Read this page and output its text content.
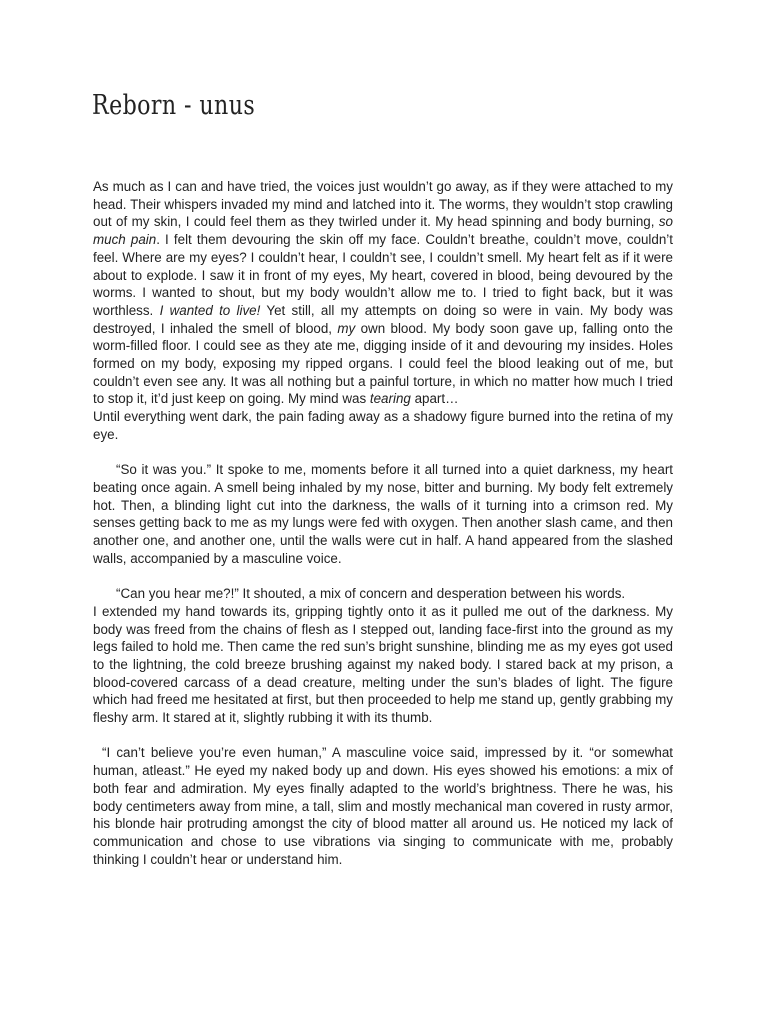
Reborn - unus

As much as I can and have tried, the voices just wouldn’t go away, as if they were attached to my head. Their whispers invaded my mind and latched into it. The worms, they wouldn’t stop crawling out of my skin, I could feel them as they twirled under it. My head spinning and body burning, so much pain. I felt them devouring the skin off my face. Couldn’t breathe, couldn’t move, couldn’t feel. Where are my eyes? I couldn’t hear, I couldn’t see, I couldn’t smell. My heart felt as if it were about to explode. I saw it in front of my eyes, My heart, covered in blood, being devoured by the worms. I wanted to shout, but my body wouldn’t allow me to. I tried to fight back, but it was worthless. I wanted to live! Yet still, all my attempts on doing so were in vain. My body was destroyed, I inhaled the smell of blood, my own blood. My body soon gave up, falling onto the worm-filled floor. I could see as they ate me, digging inside of it and devouring my insides. Holes formed on my body, exposing my ripped organs. I could feel the blood leaking out of me, but couldn’t even see any. It was all nothing but a painful torture, in which no matter how much I tried to stop it, it’d just keep on going. My mind was tearing apart…

Until everything went dark, the pain fading away as a shadowy figure burned into the retina of my eye.

“So it was you.” It spoke to me, moments before it all turned into a quiet darkness, my heart beating once again. A smell being inhaled by my nose, bitter and burning. My body felt extremely hot. Then, a blinding light cut into the darkness, the walls of it turning into a crimson red. My senses getting back to me as my lungs were fed with oxygen. Then another slash came, and then another one, and another one, until the walls were cut in half. A hand appeared from the slashed walls, accompanied by a masculine voice.

“Can you hear me?!” It shouted, a mix of concern and desperation between his words.

I extended my hand towards its, gripping tightly onto it as it pulled me out of the darkness. My body was freed from the chains of flesh as I stepped out, landing face-first into the ground as my legs failed to hold me. Then came the red sun’s bright sunshine, blinding me as my eyes got used to the lightning, the cold breeze brushing against my naked body. I stared back at my prison, a blood-covered carcass of a dead creature, melting under the sun’s blades of light. The figure which had freed me hesitated at first, but then proceeded to help me stand up, gently grabbing my fleshy arm. It stared at it, slightly rubbing it with its thumb.

“I can’t believe you’re even human,” A masculine voice said, impressed by it. “or somewhat human, atleast.” He eyed my naked body up and down. His eyes showed his emotions: a mix of both fear and admiration. My eyes finally adapted to the world’s brightness. There he was, his body centimeters away from mine, a tall, slim and mostly mechanical man covered in rusty armor, his blonde hair protruding amongst the city of blood matter all around us. He noticed my lack of communication and chose to use vibrations via singing to communicate with me, probably thinking I couldn’t hear or understand him.
